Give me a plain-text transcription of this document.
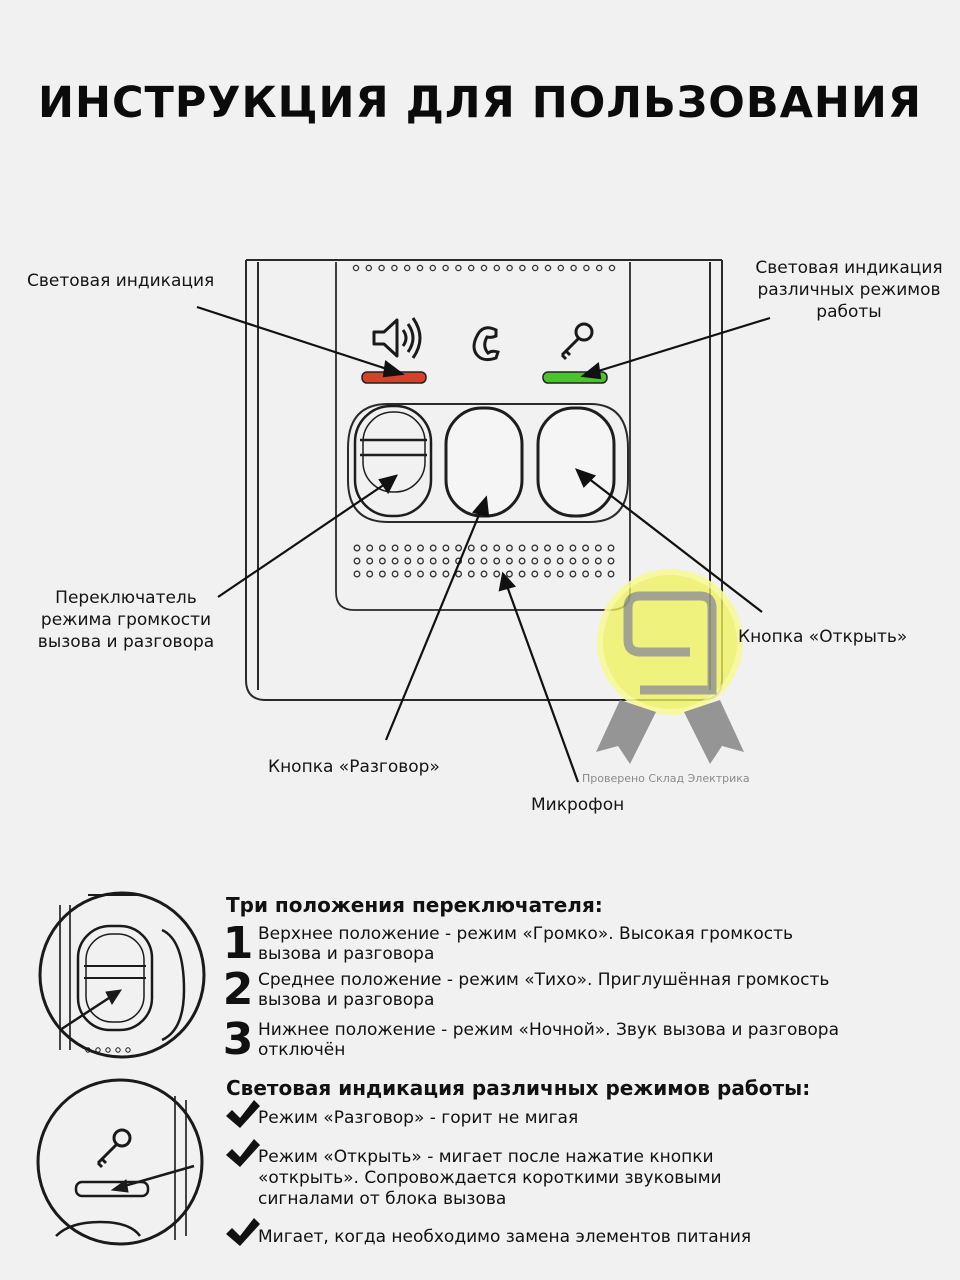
ИНСТРУКЦИЯ ДЛЯ ПОЛЬЗОВАНИЯ
Световая индикация
Световая индикация различных режимов работы
Переключатель режима громкости вызова и разговора	Кнопка «Открыть»
Кнопка «Разговор»
Микрофон
Проверено Склад Электрика
Три положения переключателя:
1 Верхнее положение - режим «Громко». Высокая громкость вызова и разговора
2 Среднее положение - режим «Тихо». Приглушённая громкость вызова и разговора
3 Нижнее положение - режим «Ночной». Звук вызова и разговора отключён
Световая индикация различных режимов работы:
Режим «Разговор» - горит не мигая
Режим «Открыть» - мигает после нажатие кнопки «открыть». Сопровождается короткими звуковыми сигналами от блока вызова
Мигает, когда необходимо замена элементов питания
